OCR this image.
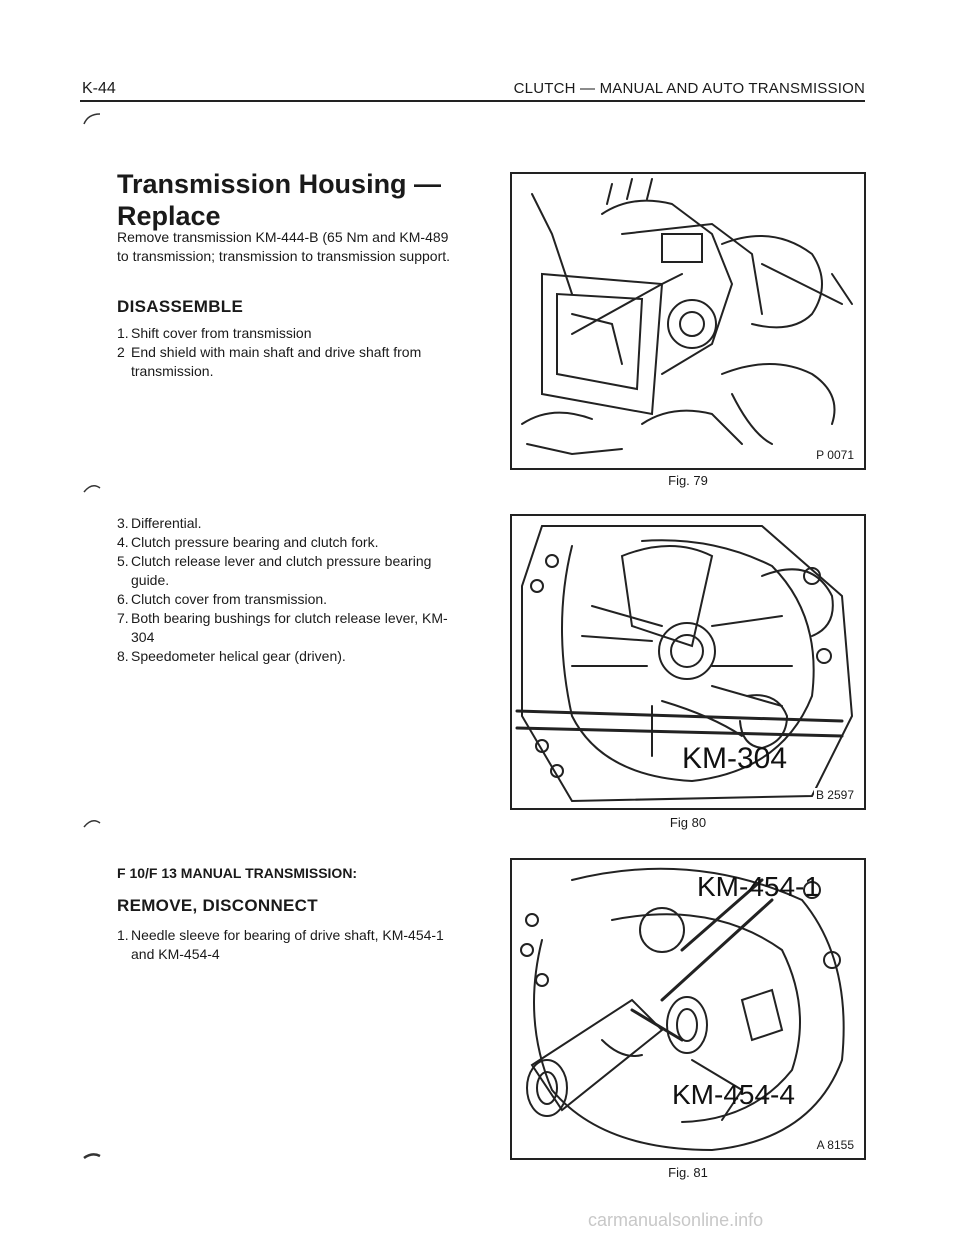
K-44	CLUTCH — MANUAL AND AUTO TRANSMISSION
Transmission Housing — Replace
Remove transmission KM-444-B (65 Nm and KM-489 to transmission; transmission to transmission support.
DISASSEMBLE
1. Shift cover from transmission
2 End shield with main shaft and drive shaft from transmission.
3. Differential.
4. Clutch pressure bearing and clutch fork.
5. Clutch release lever and clutch pressure bearing guide.
6. Clutch cover from transmission.
7. Both bearing bushings for clutch release lever, KM-304
8. Speedometer helical gear (driven).
F 10/F 13 MANUAL TRANSMISSION:
REMOVE, DISCONNECT
1. Needle sleeve for bearing of drive shaft, KM-454-1 and KM-454-4
P 0071
Fig. 79
KM-304
B 2597
Fig 80
KM-454-1
KM-454-4
A 8155
Fig. 81
carmanualsonline.info
